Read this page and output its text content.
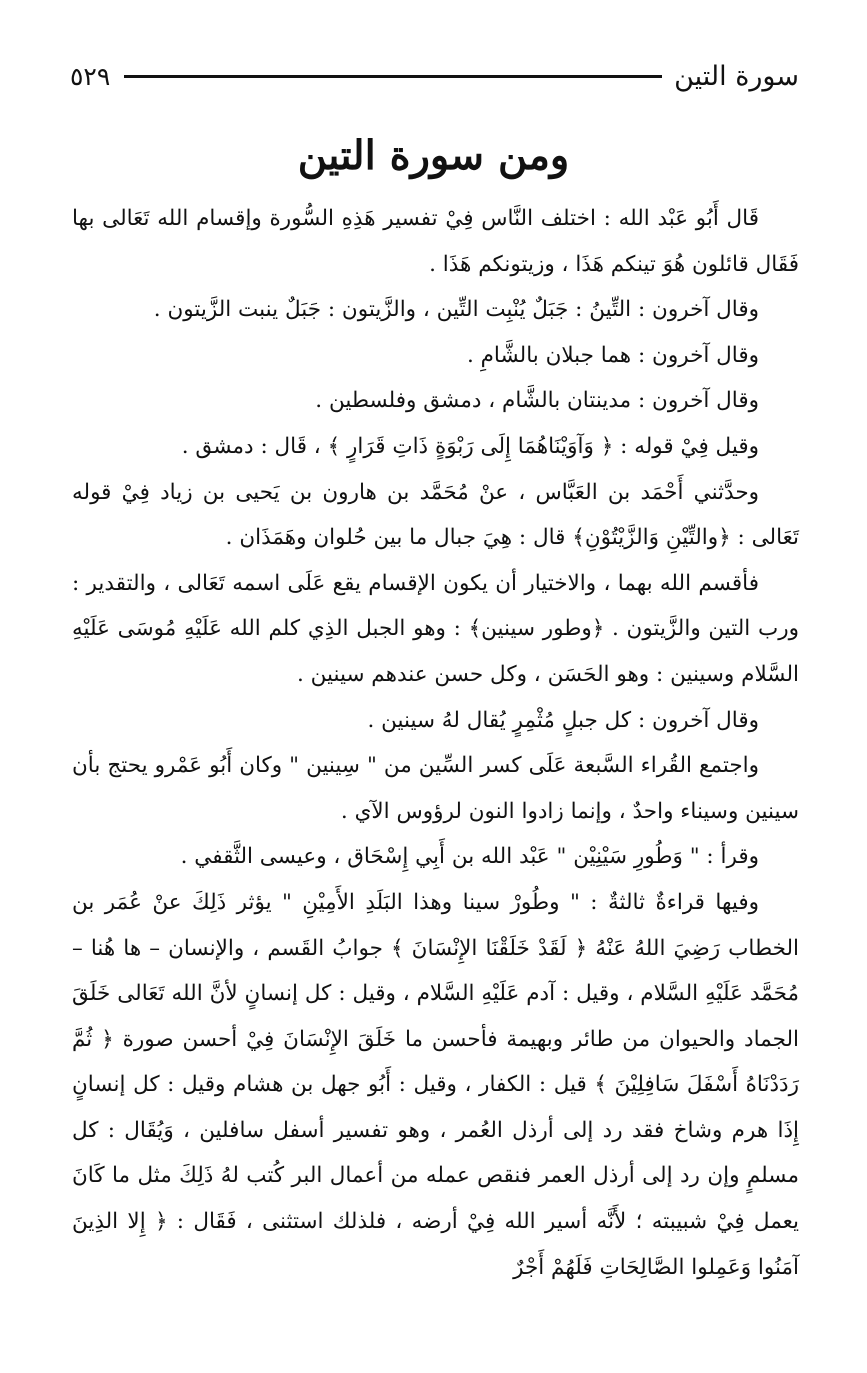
سورة التين
٥٢٩
ومن سورة التين

قَال أَبُو عَبْد الله : اختلف النَّاس فِيْ تفسير هَذِهِ السُّورة وإقسام الله تَعَالى بها فَقَال قائلون هُوَ تينكم هَذَا ، وزيتونكم هَذَا .

وقال آخرون : التِّينُ : جَبَلٌ يُنْبِت التِّين ، والزَّيتون : جَبَلٌ ينبت الزَّيتون .

وقال آخرون : هما جبلان بالشَّامِ .

وقال آخرون : مدينتان بالشَّام ، دمشق وفلسطين .

وقيل فِيْ قوله : ﴿ وَآوَيْنَاهُمَا إِلَى رَبْوَةٍ ذَاتِ قَرَارٍ ﴾ ، قَال : دمشق .

وحدَّثني أَحْمَد بن العَبَّاس ، عنْ مُحَمَّد بن هارون بن يَحيى بن زياد فِيْ قوله تَعَالى : ﴿والتِّيْنِ وَالزَّيْتُوْنِ﴾ قال : هِيَ جبال ما بين حُلوان وهَمَذَان .

فأقسم الله بهما ، والاختيار أن يكون الإقسام يقع عَلَى اسمه تَعَالى ، والتقدير : ورب التين والزَّيتون . ﴿وطور سينين﴾ : وهو الجبل الذِي كلم الله عَلَيْهِ مُوسَى عَلَيْهِ السَّلام وسينين : وهو الحَسَن ، وكل حسن عندهم سينين .

وقال آخرون : كل جبلٍ مُثْمِرٍ يُقال لهُ سينين .

واجتمع القُراء السَّبعة عَلَى كسر السِّين من " سِينين " وكان أَبُو عَمْرو يحتج بأن سينين وسيناء واحدٌ ، وإنما زادوا النون لرؤوس الآي .

وقرأ : " وَطُورِ سَيْنِيْن " عَبْد الله بن أَبِي إِسْحَاق ، وعيسى الثَّقفي .

وفيها قراءةٌ ثالثةٌ : " وطُورْ سينا وهذا البَلَدِ الأَمِيْنِ " يؤثر ذَلِكَ عنْ عُمَر بن الخطاب رَضِيَ اللهُ عَنْهُ ﴿ لَقَدْ خَلَقْنَا الإِنْسَانَ ﴾ جوابُ القَسم ، والإنسان – ها هُنا – مُحَمَّد عَلَيْهِ السَّلام ، وقيل : آدم عَلَيْهِ السَّلام ، وقيل : كل إنسانٍ لأنَّ الله تَعَالى خَلَقَ الجماد والحيوان من طائر وبهيمة فأحسن ما خَلَقَ الإِنْسَانَ فِيْ أحسن صورة ﴿ ثُمَّ رَدَدْنَاهُ أَسْفَلَ سَافِلِيْنَ ﴾ قيل : الكفار ، وقيل : أَبُو جهل بن هشام وقيل : كل إنسانٍ إِذَا هرم وشاخ فقد رد إلى أرذل العُمر ، وهو تفسير أسفل سافلين ، وَيُقَال : كل مسلمٍ وإن رد إلى أرذل العمر فنقص عمله من أعمال البر كُتب لهُ ذَلِكَ مثل ما كَانَ يعمل فِيْ شبيبته ؛ لأَنَّه أسير الله فِيْ أرضه ، فلذلك استثنى ، فَقَال : ﴿ إِلا الذِينَ آمَنُوا وَعَمِلوا الصَّالِحَاتِ فَلَهُمْ أَجْرٌ
